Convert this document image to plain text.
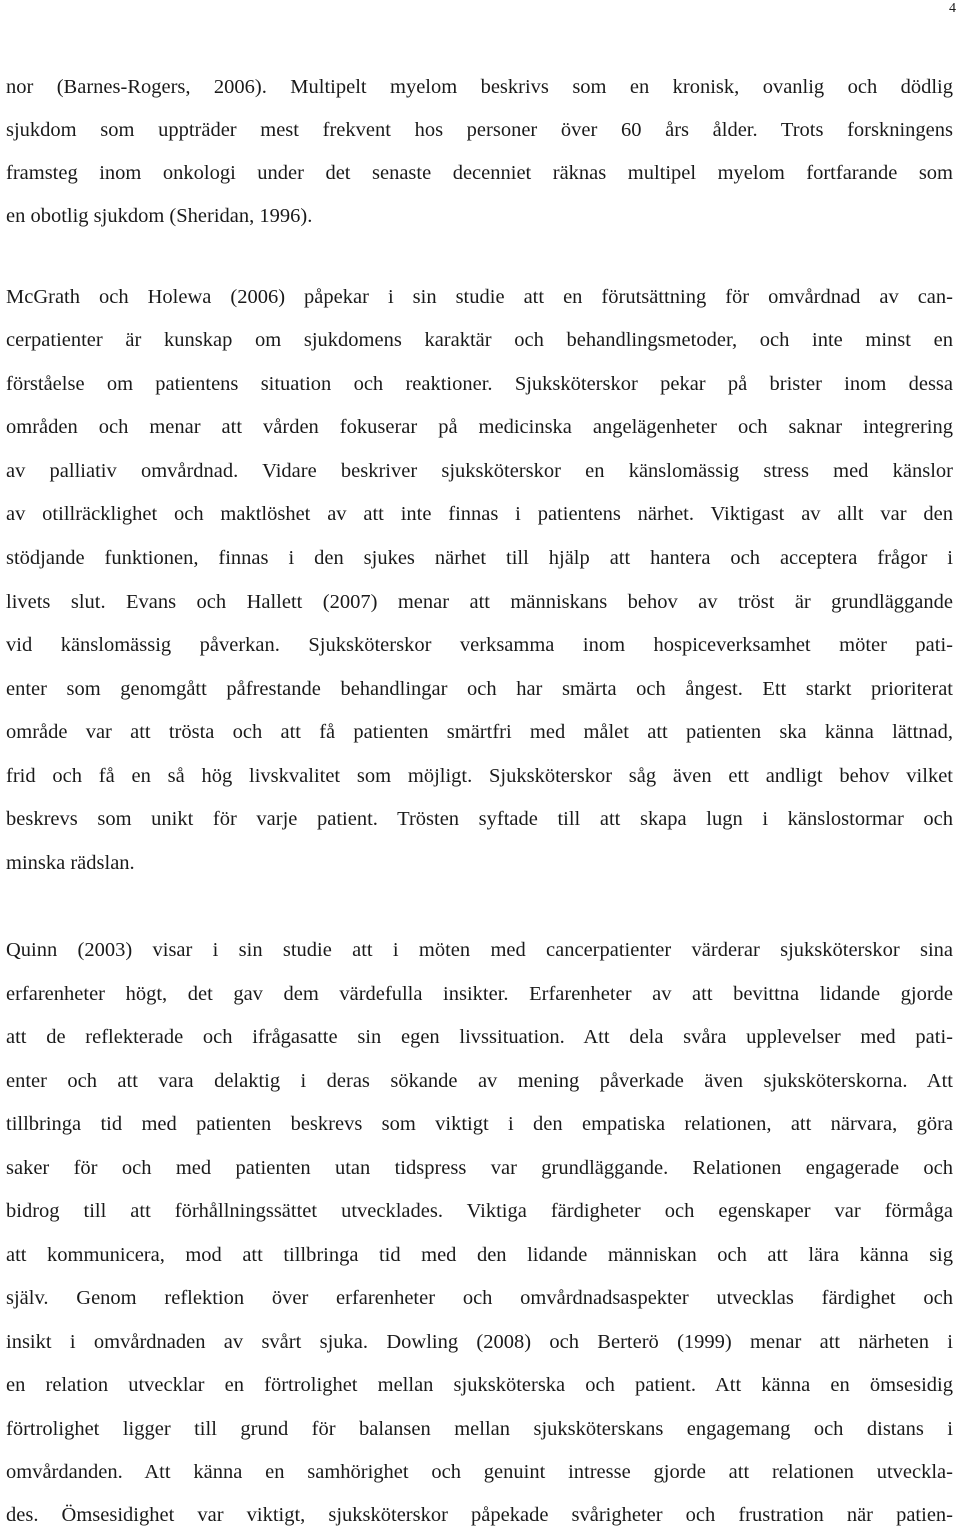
4
nor (Barnes-Rogers, 2006). Multipelt myelom beskrivs som en kronisk, ovanlig och dödlig
sjukdom som uppträder mest frekvent hos personer över 60 års ålder. Trots forskningens
framsteg inom onkologi under det senaste decenniet räknas multipel myelom fortfarande som
en obotlig sjukdom (Sheridan, 1996).
McGrath och Holewa (2006) påpekar i sin studie att en förutsättning för omvårdnad av can-
cerpatienter är kunskap om sjukdomens karaktär och behandlingsmetoder, och inte minst en
förståelse om patientens situation och reaktioner. Sjuksköterskor pekar på brister inom dessa
områden och menar att vården fokuserar på medicinska angelägenheter och saknar integrering
av palliativ omvårdnad. Vidare beskriver sjuksköterskor en känslomässig stress med känslor
av otillräcklighet och maktlöshet av att inte finnas i patientens närhet. Viktigast av allt var den
stödjande funktionen, finnas i den sjukes närhet till hjälp att hantera och acceptera frågor i
livets slut. Evans och Hallett (2007) menar att människans behov av tröst är grundläggande
vid känslomässig påverkan. Sjuksköterskor verksamma inom hospiceverksamhet möter pati-
enter som genomgått påfrestande behandlingar och har smärta och ångest. Ett starkt prioriterat
område var att trösta och att få patienten smärtfri med målet att patienten ska känna lättnad,
frid och få en så hög livskvalitet som möjligt. Sjuksköterskor såg även ett andligt behov vilket
beskrevs som unikt för varje patient. Trösten syftade till att skapa lugn i känslostormar och
minska rädslan.
Quinn (2003) visar i sin studie att i möten med cancerpatienter värderar sjuksköterskor sina
erfarenheter högt, det gav dem värdefulla insikter. Erfarenheter av att bevittna lidande gjorde
att de reflekterade och ifrågasatte sin egen livssituation. Att dela svåra upplevelser med pati-
enter och att vara delaktig i deras sökande av mening påverkade även sjuksköterskorna. Att
tillbringa tid med patienten beskrevs som viktigt i den empatiska relationen, att närvara, göra
saker för och med patienten utan tidspress var grundläggande. Relationen engagerade och
bidrog till att förhållningssättet utvecklades. Viktiga färdigheter och egenskaper var förmåga
att kommunicera, mod att tillbringa tid med den lidande människan och att lära känna sig
själv. Genom reflektion över erfarenheter och omvårdnadsaspekter utvecklas färdighet och
insikt i omvårdnaden av svårt sjuka. Dowling (2008) och Berterö (1999) menar att närheten i
en relation utvecklar en förtrolighet mellan sjuksköterska och patient. Att känna en ömsesidig
förtrolighet ligger till grund för balansen mellan sjuksköterskans engagemang och distans i
omvårdanden. Att känna en samhörighet och genuint intresse gjorde att relationen utveckla-
des. Ömsesidighet var viktigt, sjuksköterskor påpekade svårigheter och frustration när patien-
